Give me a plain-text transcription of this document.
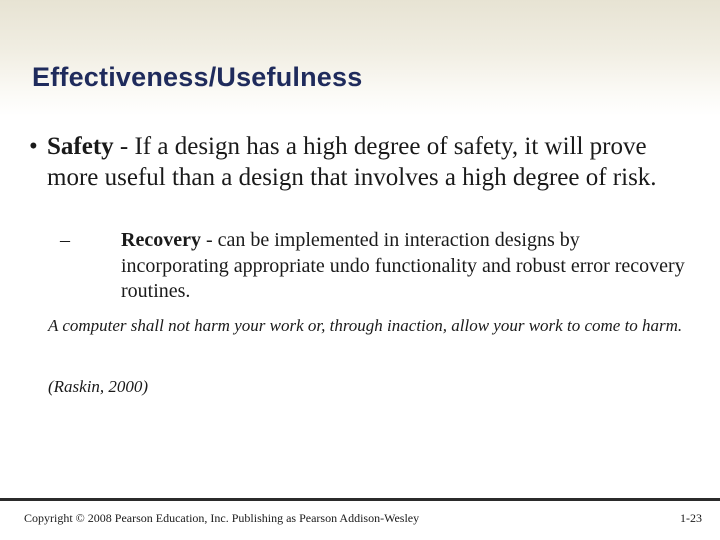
Effectiveness/Usefulness
• Safety - If a design has a high degree of safety, it will prove more useful than a design that involves a high degree of risk.
–	Recovery - can be implemented in interaction designs by incorporating appropriate undo functionality and robust error recovery routines.
A computer shall not harm your work or, through inaction, allow your work to come to harm.
(Raskin, 2000)
Copyright © 2008 Pearson Education, Inc. Publishing as Pearson Addison-Wesley	1-23
